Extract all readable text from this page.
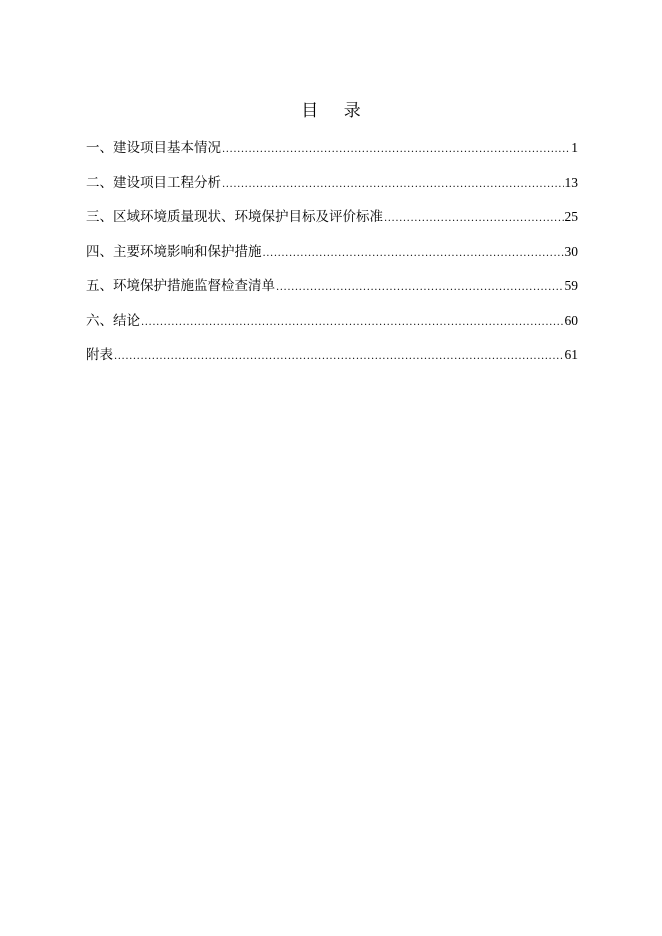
目 录
一、建设项目基本情况 .....	1
二、建设项目工程分析 .....	13
三、区域环境质量现状、环境保护目标及评价标准 .....	25
四、主要环境影响和保护措施 .....	30
五、环境保护措施监督检查清单 .....	59
六、结论 .....	60
附表 .....	61
